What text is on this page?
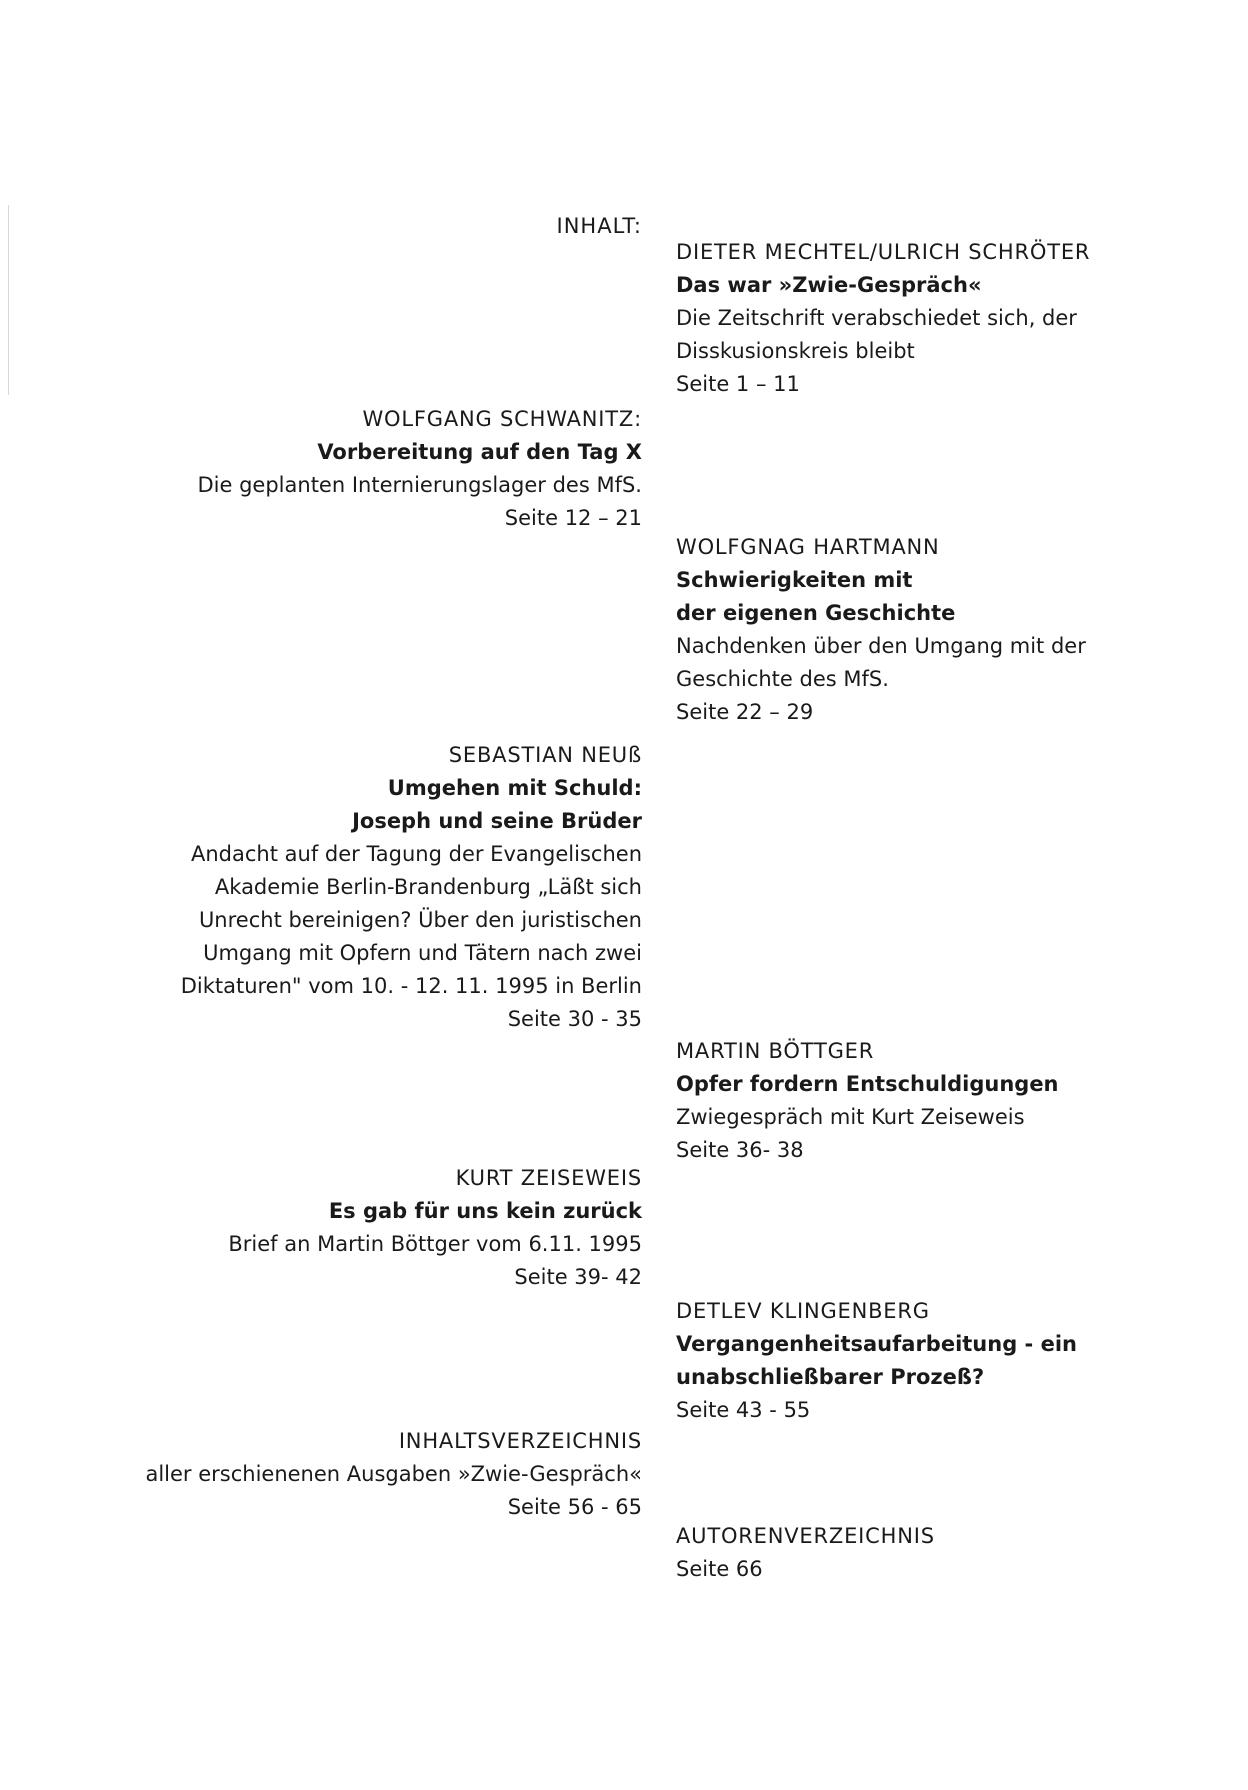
INHALT:
WOLFGANG SCHWANITZ:
Vorbereitung auf den Tag X
Die geplanten Internierungslager des MfS.
Seite 12 – 21
SEBASTIAN NEUß
Umgehen mit Schuld:
Joseph und seine Brüder
Andacht auf der Tagung der Evangelischen
Akademie Berlin-Brandenburg „Läßt sich
Unrecht bereinigen? Über den juristischen
Umgang mit Opfern und Tätern nach zwei
Diktaturen" vom 10. - 12. 11. 1995 in Berlin
Seite 30 - 35
KURT ZEISEWEIS
Es gab für uns kein zurück
Brief an Martin Böttger vom 6.11. 1995
Seite 39- 42
INHALTSVERZEICHNIS
aller erschienenen Ausgaben »Zwie-Gespräch«
Seite 56 - 65
DIETER MECHTEL/ULRICH SCHRÖTER
Das war »Zwie-Gespräch«
Die Zeitschrift verabschiedet sich, der
Disskusionskreis bleibt
Seite 1 – 11
WOLFGNAG HARTMANN
Schwierigkeiten mit
der eigenen Geschichte
Nachdenken über den Umgang mit der
Geschichte des MfS.
Seite 22 – 29
MARTIN BÖTTGER
Opfer fordern Entschuldigungen
Zwiegespräch mit Kurt Zeiseweis
Seite 36- 38
DETLEV KLINGENBERG
Vergangenheitsaufarbeitung - ein
unabschließbarer Prozeß?
Seite 43 - 55
AUTORENVERZEICHNIS
Seite 66
